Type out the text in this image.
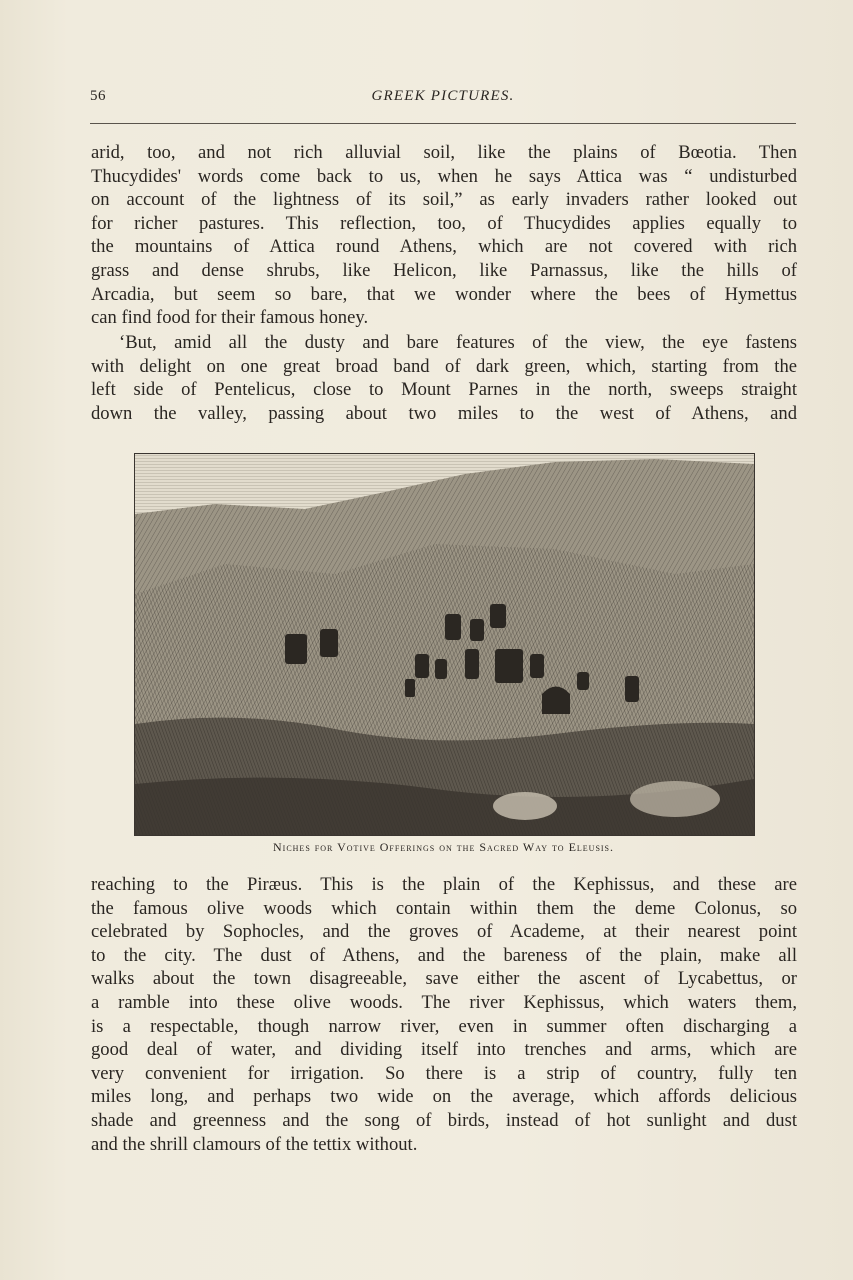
56	GREEK PICTURES.
arid, too, and not rich alluvial soil, like the plains of Bœotia. Then
Thucydides' words come back to us, when he says Attica was “ undisturbed
on account of the lightness of its soil,” as early invaders rather looked out
for richer pastures. This reflection, too, of Thucydides applies equally to
the mountains of Attica round Athens, which are not covered with rich
grass and dense shrubs, like Helicon, like Parnassus, like the hills of
Arcadia, but seem so bare, that we wonder where the bees of Hymettus
can find food for their famous honey.
‘But, amid all the dusty and bare features of the view, the eye fastens
with delight on one great broad band of dark green, which, starting from the
left side of Pentelicus, close to Mount Parnes in the north, sweeps straight
down the valley, passing about two miles to the west of Athens, and
Niches for Votive Offerings on the Sacred Way to Eleusis.
reaching to the Piræus. This is the plain of the Kephissus, and these are
the famous olive woods which contain within them the deme Colonus, so
celebrated by Sophocles, and the groves of Academe, at their nearest point
to the city. The dust of Athens, and the bareness of the plain, make all
walks about the town disagreeable, save either the ascent of Lycabettus, or
a ramble into these olive woods. The river Kephissus, which waters them,
is a respectable, though narrow river, even in summer often discharging a
good deal of water, and dividing itself into trenches and arms, which are
very convenient for irrigation. So there is a strip of country, fully ten
miles long, and perhaps two wide on the average, which affords delicious
shade and greenness and the song of birds, instead of hot sunlight and dust
and the shrill clamours of the tettix without.
